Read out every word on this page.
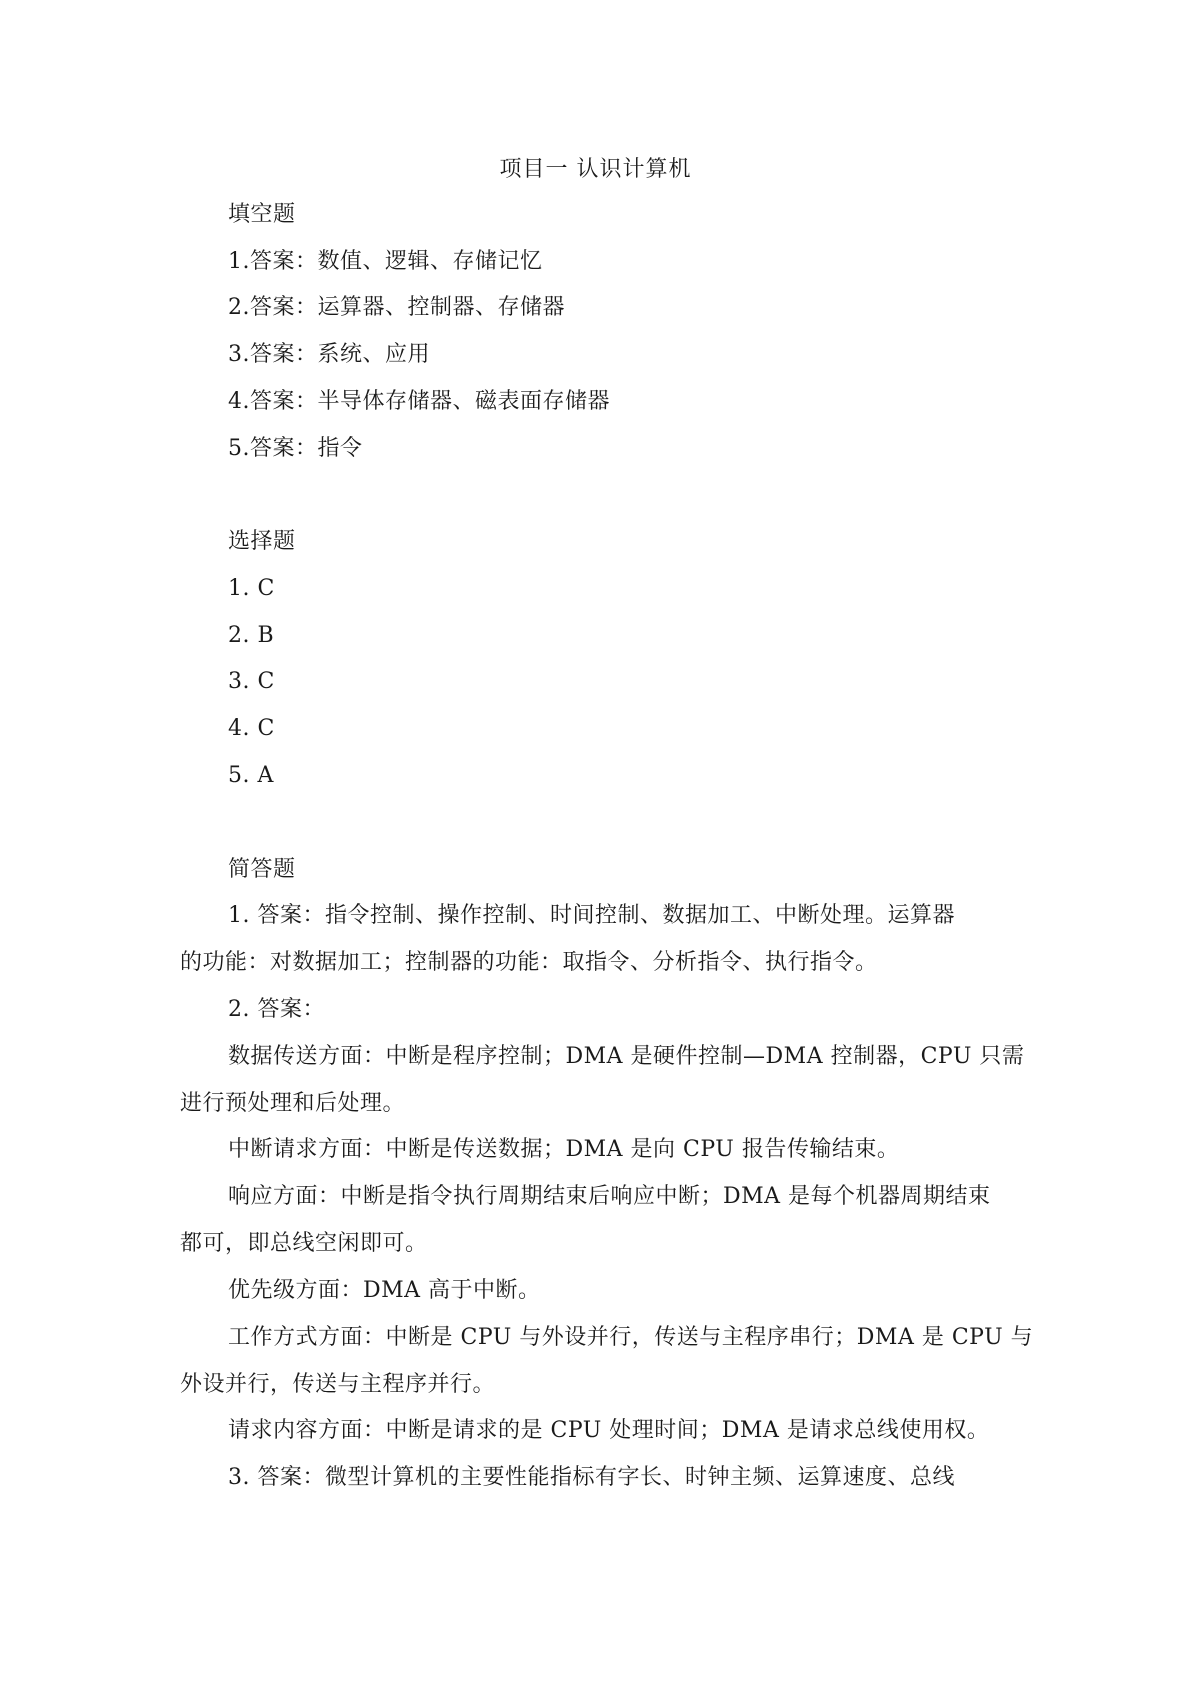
项目一 认识计算机
填空题
1.答案：数值、逻辑、存储记忆
2.答案：运算器、控制器、存储器
3.答案：系统、应用
4.答案：半导体存储器、磁表面存储器
5.答案：指令
选择题
1. C
2. B
3. C
4. C
5. A
简答题
1. 答案：指令控制、操作控制、时间控制、数据加工、中断处理。运算器
的功能：对数据加工；控制器的功能：取指令、分析指令、执行指令。
2. 答案：
数据传送方面：中断是程序控制；DMA 是硬件控制—DMA 控制器，CPU 只需
进行预处理和后处理。
中断请求方面：中断是传送数据；DMA 是向 CPU 报告传输结束。
响应方面：中断是指令执行周期结束后响应中断；DMA 是每个机器周期结束
都可，即总线空闲即可。
优先级方面：DMA 高于中断。
工作方式方面：中断是 CPU 与外设并行，传送与主程序串行；DMA 是 CPU 与
外设并行，传送与主程序并行。
请求内容方面：中断是请求的是 CPU 处理时间；DMA 是请求总线使用权。
3. 答案：微型计算机的主要性能指标有字长、时钟主频、运算速度、总线
